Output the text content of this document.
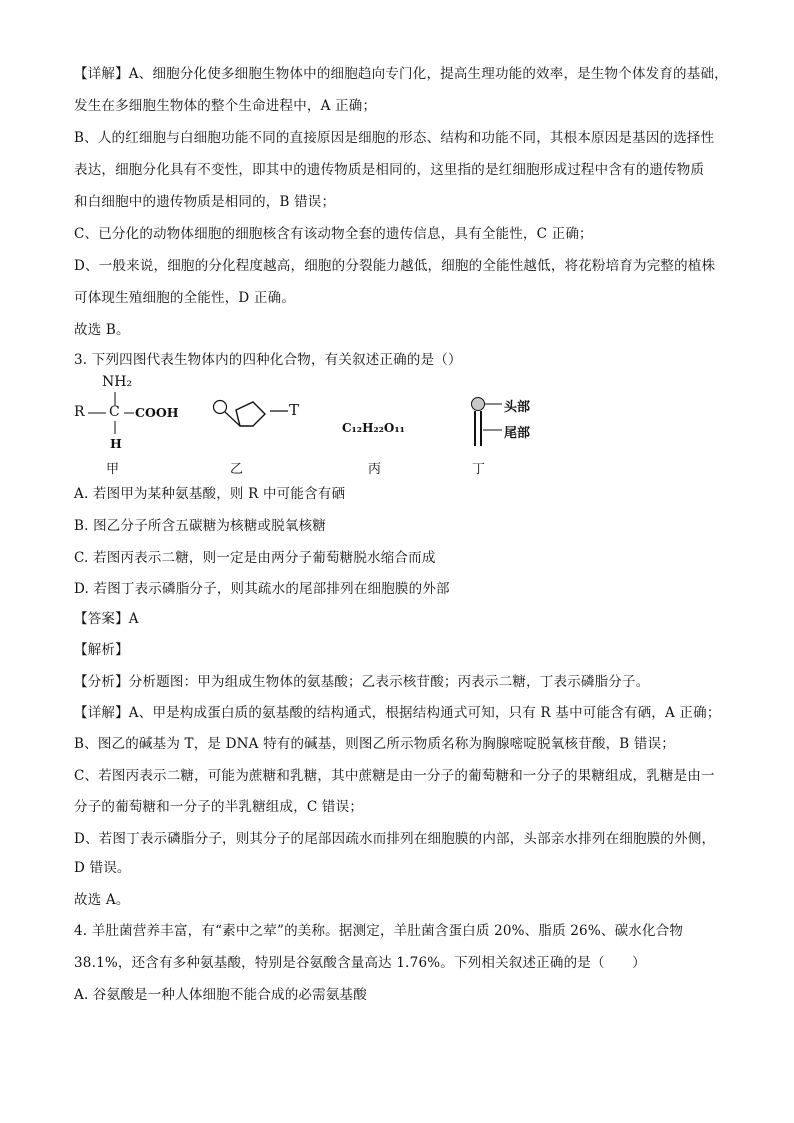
【详解】A、细胞分化使多细胞生物体中的细胞趋向专门化，提高生理功能的效率，是生物个体发育的基础，
发生在多细胞生物体的整个生命进程中，A 正确；
B、人的红细胞与白细胞功能不同的直接原因是细胞的形态、结构和功能不同，其根本原因是基因的选择性
表达，细胞分化具有不变性，即其中的遗传物质是相同的，这里指的是红细胞形成过程中含有的遗传物质
和白细胞中的遗传物质是相同的，B 错误；
C、已分化的动物体细胞的细胞核含有该动物全套的遗传信息，具有全能性，C 正确；
D、一般来说，细胞的分化程度越高，细胞的分裂能力越低，细胞的全能性越低，将花粉培育为完整的植株
可体现生殖细胞的全能性，D 正确。
故选 B。
3. 下列四图代表生物体内的四种化合物，有关叙述正确的是（）
NH₂
R C COOH
H
T
C₁₂H₂₂O₁₁
头部
尾部
甲	乙	丙	丁
A. 若图甲为某种氨基酸，则 R 中可能含有硒
B. 图乙分子所含五碳糖为核糖或脱氧核糖
C. 若图丙表示二糖，则一定是由两分子葡萄糖脱水缩合而成
D. 若图丁表示磷脂分子，则其疏水的尾部排列在细胞膜的外部
【答案】A
【解析】
【分析】分析题图：甲为组成生物体的氨基酸；乙表示核苷酸；丙表示二糖，丁表示磷脂分子。
【详解】A、甲是构成蛋白质的氨基酸的结构通式，根据结构通式可知，只有 R 基中可能含有硒，A 正确；
B、图乙的碱基为 T，是 DNA 特有的碱基，则图乙所示物质名称为胸腺嘧啶脱氧核苷酸，B 错误；
C、若图丙表示二糖，可能为蔗糖和乳糖，其中蔗糖是由一分子的葡萄糖和一分子的果糖组成，乳糖是由一
分子的葡萄糖和一分子的半乳糖组成，C 错误；
D、若图丁表示磷脂分子，则其分子的尾部因疏水而排列在细胞膜的内部，头部亲水排列在细胞膜的外侧，
D 错误。
故选 A。
4. 羊肚菌营养丰富，有“素中之荤”的美称。据测定，羊肚菌含蛋白质 20%、脂质 26%、碳水化合物
38.1%，还含有多种氨基酸，特别是谷氨酸含量高达 1.76%。下列相关叙述正确的是（　　）
A. 谷氨酸是一种人体细胞不能合成的必需氨基酸
